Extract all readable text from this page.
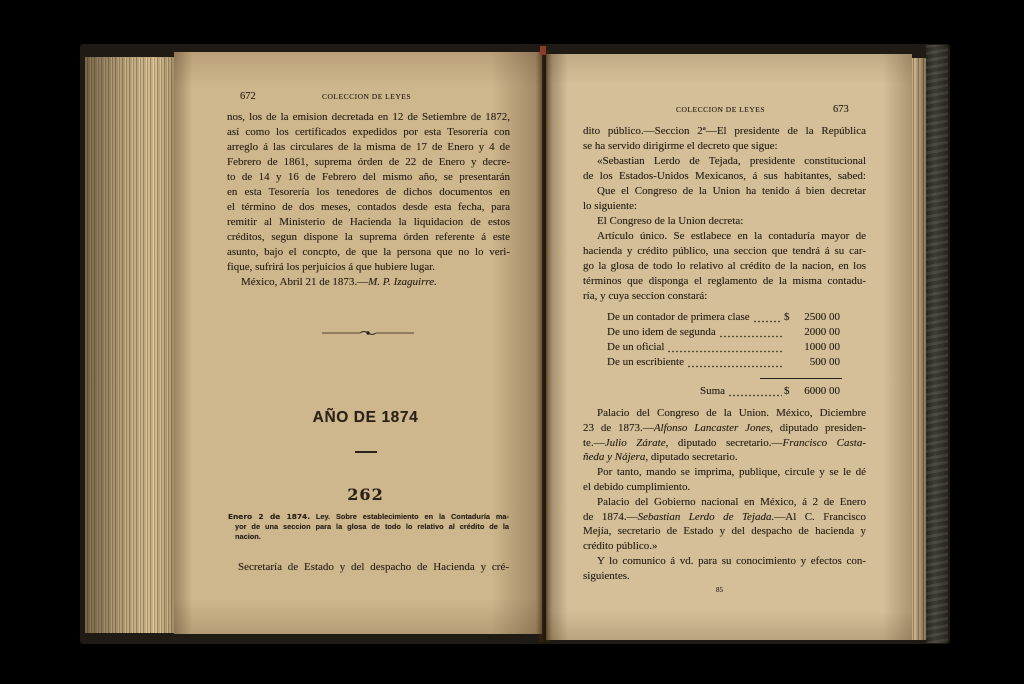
672	COLECCION DE LEYES
nos, los de la emision decretada en 12 de Setiembre de 1872,
así como los certificados expedidos por esta Tesorería con
arreglo á las circulares de la misma de 17 de Enero y 4 de
Febrero de 1861, suprema órden de 22 de Enero y decre-
to de 14 y 16 de Febrero del mismo año, se presentarán
en esta Tesorería los tenedores de dichos documentos en
el término de dos meses, contados desde esta fecha, para
remitir al Ministerio de Hacienda la liquidacion de estos
créditos, segun dispone la suprema órden referente á este
asunto, bajo el concpto, de que la persona que no lo veri-
fique, sufrirá los perjuicios á que hubiere lugar.
México, Abril 21 de 1873.—M. P. Izaguirre.
AÑO DE 1874
262
Enero 2 de 1874. Ley. Sobre establecimiento en la Contaduría ma-
yor de una seccion para la glosa de todo lo relativo al crédito de la
nacion.
Secretaría de Estado y del despacho de Hacienda y cré-
COLECCION DE LEYES	673
dito público.—Seccion 2ª—El presidente de la República
se ha servido dirigirme el decreto que sigue:
«Sebastian Lerdo de Tejada, presidente constitucional
de los Estados-Unidos Mexicanos, á sus habitantes, sabed:
Que el Congreso de la Union ha tenido á bien decretar
lo siguiente:
El Congreso de la Union decreta:
Artículo único. Se estlabece en la contaduría mayor de
hacienda y crédito público, una seccion que tendrá á su car-
go la glosa de todo lo relativo al crédito de la nacion, en los
términos que disponga el reglamento de la misma contadu-
ría, y cuya seccion constará:
De un contador de primera clase	$	2500 00
De uno idem de segunda	2000 00
De un oficial	1000 00
De un escribiente	500 00
Suma	$	6000 00
Palacio del Congreso de la Union. México, Diciembre
23 de 1873.—Alfonso Lancaster Jones, diputado presiden-
te.—Julio Zárate, diputado secretario.—Francisco Casta-
ñeda y Nájera, diputado secretario.
Por tanto, mando se imprima, publique, circule y se le dé
el debido cumplimiento.
Palacio del Gobierno nacional en México, á 2 de Enero
de 1874.—Sebastian Lerdo de Tejada.—Al C. Francisco
Mejía, secretario de Estado y del despacho de hacienda y
crédito público.»
Y lo comunico á vd. para su conocimiento y efectos con-
siguientes.
85
